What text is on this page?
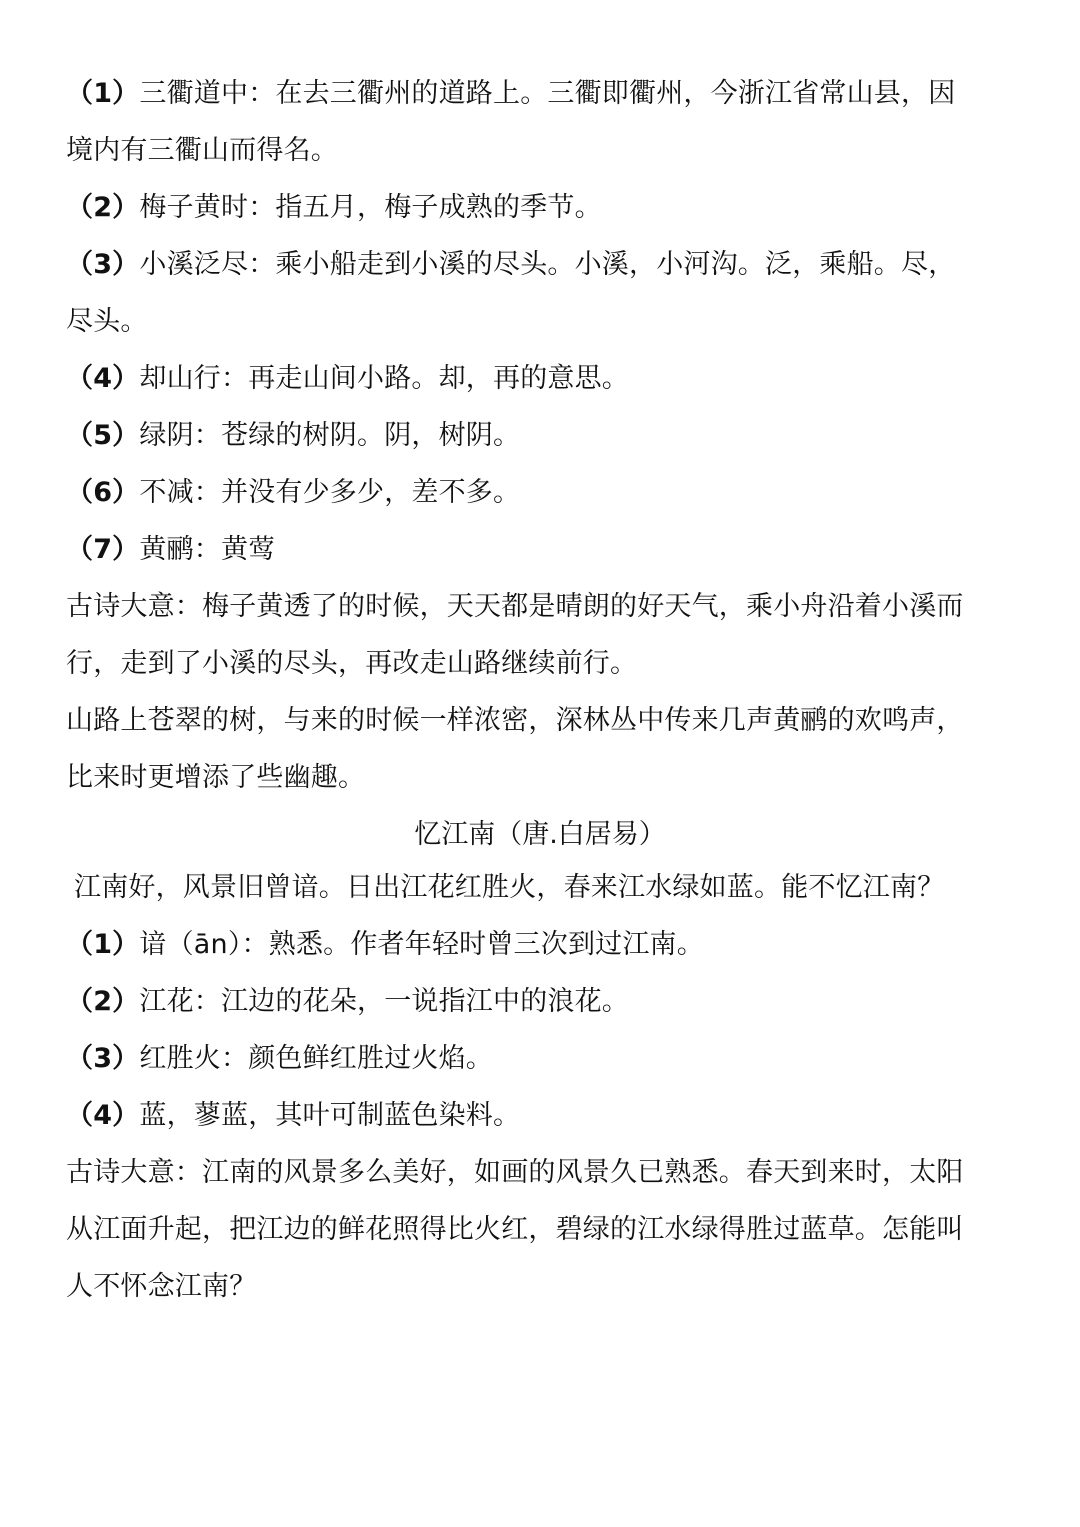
（1）三衢道中：在去三衢州的道路上。三衢即衢州，今浙江省常山县，因
境内有三衢山而得名。
（2）梅子黄时：指五月，梅子成熟的季节。
（3）小溪泛尽：乘小船走到小溪的尽头。小溪，小河沟。泛，乘船。尽，
尽头。
（4）却山行：再走山间小路。却，再的意思。
（5）绿阴：苍绿的树阴。阴，树阴。
（6）不减：并没有少多少，差不多。
（7）黄鹂：黄莺
古诗大意：梅子黄透了的时候，天天都是晴朗的好天气，乘小舟沿着小溪而
行，走到了小溪的尽头，再改走山路继续前行。
山路上苍翠的树，与来的时候一样浓密，深林丛中传来几声黄鹂的欢鸣声，
比来时更增添了些幽趣。
忆江南（唐.白居易）
江南好，风景旧曾谙。日出江花红胜火，春来江水绿如蓝。能不忆江南？
（1）谙（ān）：熟悉。作者年轻时曾三次到过江南。
（2）江花：江边的花朵，一说指江中的浪花。
（3）红胜火：颜色鲜红胜过火焰。
（4）蓝，蓼蓝，其叶可制蓝色染料。
古诗大意：江南的风景多么美好，如画的风景久已熟悉。春天到来时，太阳
从江面升起，把江边的鲜花照得比火红，碧绿的江水绿得胜过蓝草。怎能叫
人不怀念江南？
